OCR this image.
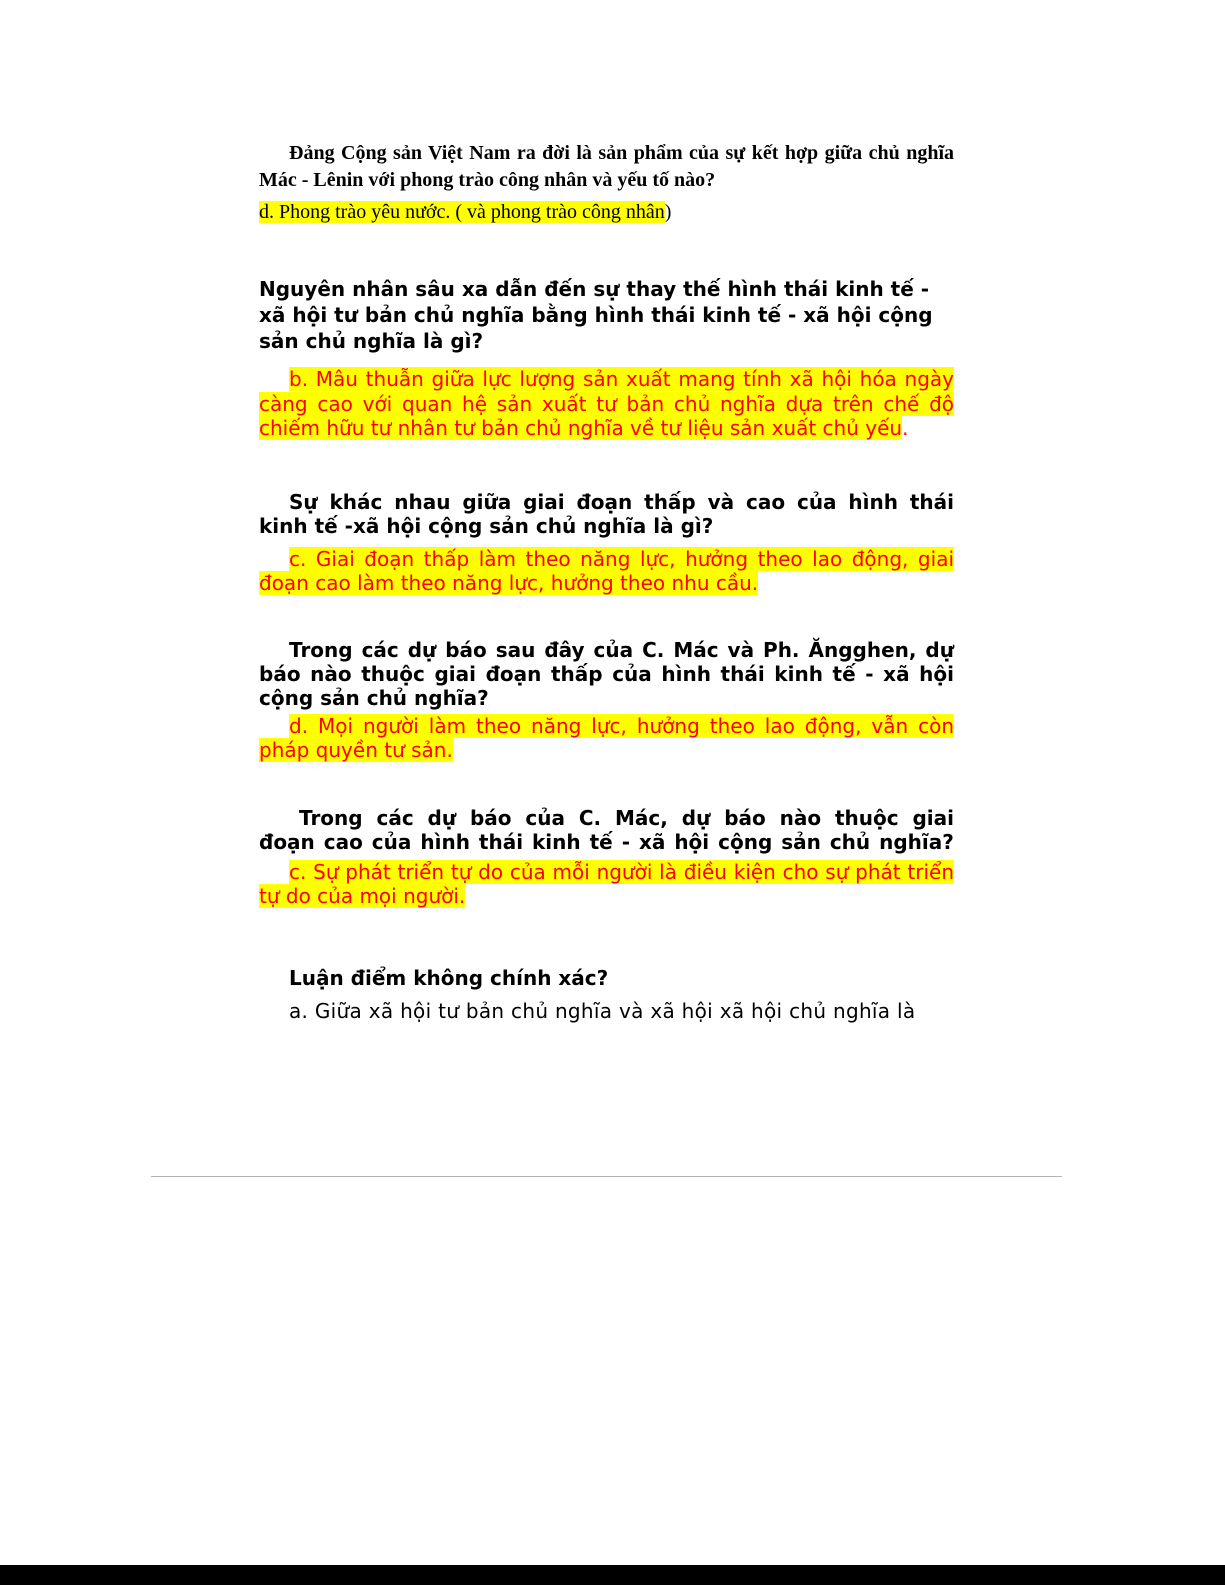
Đảng Cộng sản Việt Nam ra đời là sản phẩm của sự kết hợp giữa chủ nghĩa Mác - Lênin với phong trào công nhân và yếu tố nào?

d. Phong trào yêu nước. ( và phong trào công nhân)

Nguyên nhân sâu xa dẫn đến sự thay thế hình thái kinh tế - xã hội tư bản chủ nghĩa bằng hình thái kinh tế - xã hội cộng sản chủ nghĩa là gì?

b. Mâu thuẫn giữa lực lượng sản xuất mang tính xã hội hóa ngày càng cao với quan hệ sản xuất tư bản chủ nghĩa dựa trên chế độ chiếm hữu tư nhân tư bản chủ nghĩa về tư liệu sản xuất chủ yếu.

Sự khác nhau giữa giai đoạn thấp và cao của hình thái kinh tế -xã hội cộng sản chủ nghĩa là gì?

c. Giai đoạn thấp làm theo năng lực, hưởng theo lao động, giai đoạn cao làm theo năng lực, hưởng theo nhu cầu.

Trong các dự báo sau đây của C. Mác và Ph. Ăngghen, dự báo nào thuộc giai đoạn thấp của hình thái kinh tế - xã hội cộng sản chủ nghĩa?

d. Mọi người làm theo năng lực, hưởng theo lao động, vẫn còn pháp quyền tư sản.

Trong các dự báo của C. Mác, dự báo nào thuộc giai đoạn cao của hình thái kinh tế - xã hội cộng sản chủ nghĩa?

c. Sự phát triển tự do của mỗi người là điều kiện cho sự phát triển tự do của mọi người.

Luận điểm không chính xác?

a. Giữa xã hội tư bản chủ nghĩa và xã hội xã hội chủ nghĩa là
